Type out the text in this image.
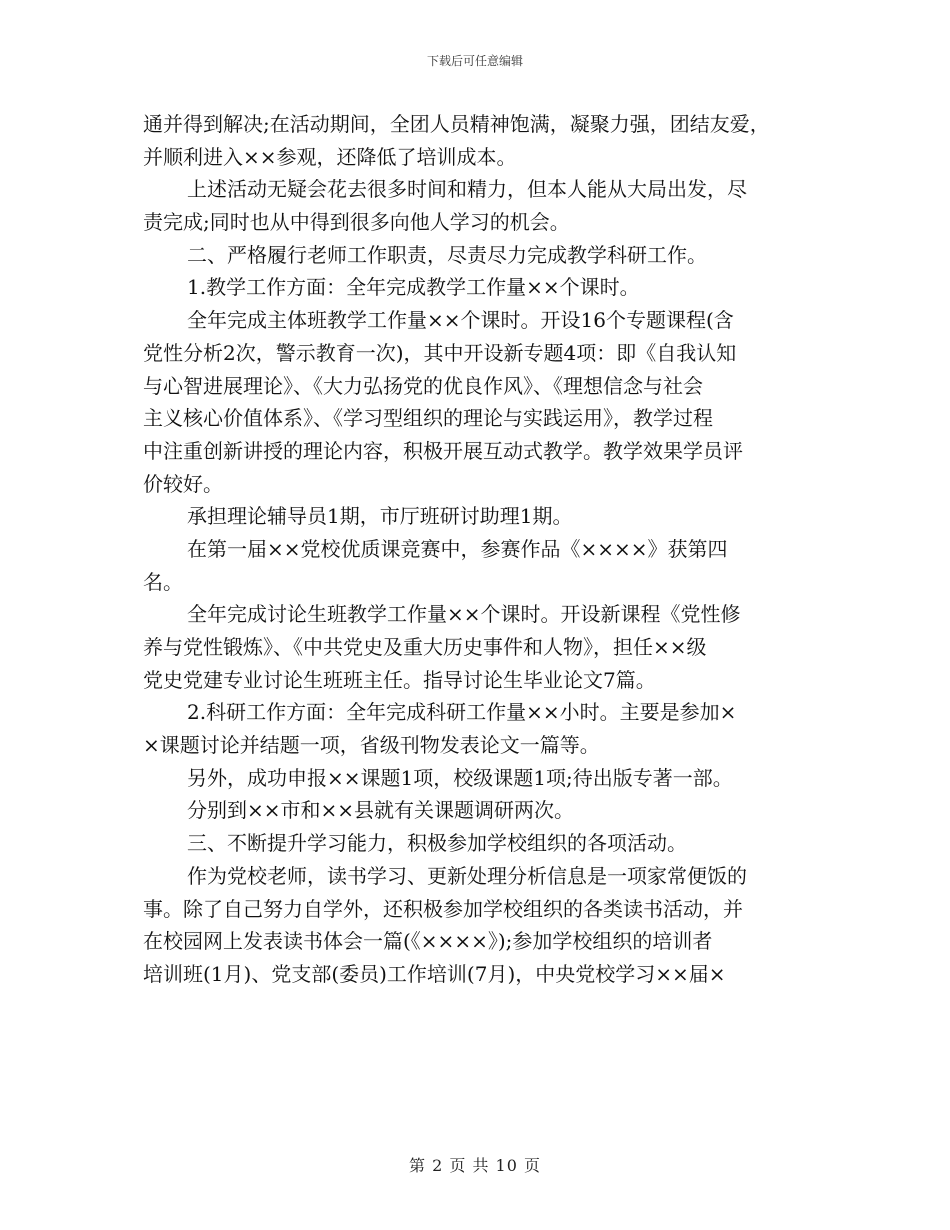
下载后可任意编辑
通并得到解决;在活动期间，全团人员精神饱满，凝聚力强，团结友爱，
并顺利进入××参观，还降低了培训成本。
上述活动无疑会花去很多时间和精力，但本人能从大局出发，尽
责完成;同时也从中得到很多向他人学习的机会。
二、严格履行老师工作职责，尽责尽力完成教学科研工作。
1.教学工作方面：全年完成教学工作量××个课时。
全年完成主体班教学工作量××个课时。开设16个专题课程(含
党性分析2次，警示教育一次)，其中开设新专题4项：即《自我认知
与心智进展理论》、《大力弘扬党的优良作风》、《理想信念与社会
主义核心价值体系》、《学习型组织的理论与实践运用》，教学过程
中注重创新讲授的理论内容，积极开展互动式教学。教学效果学员评
价较好。
承担理论辅导员1期，市厅班研讨助理1期。
在第一届××党校优质课竞赛中，参赛作品《××××》获第四
名。
全年完成讨论生班教学工作量××个课时。开设新课程《党性修
养与党性锻炼》、《中共党史及重大历史事件和人物》，担任××级
党史党建专业讨论生班班主任。指导讨论生毕业论文7篇。
2.科研工作方面：全年完成科研工作量××小时。主要是参加×
×课题讨论并结题一项，省级刊物发表论文一篇等。
另外，成功申报××课题1项，校级课题1项;待出版专著一部。
分别到××市和××县就有关课题调研两次。
三、不断提升学习能力，积极参加学校组织的各项活动。
作为党校老师，读书学习、更新处理分析信息是一项家常便饭的
事。除了自己努力自学外，还积极参加学校组织的各类读书活动，并
在校园网上发表读书体会一篇(《××××》);参加学校组织的培训者
培训班(1月)、党支部(委员)工作培训(7月)，中央党校学习××届×
第 2 页 共 10 页
